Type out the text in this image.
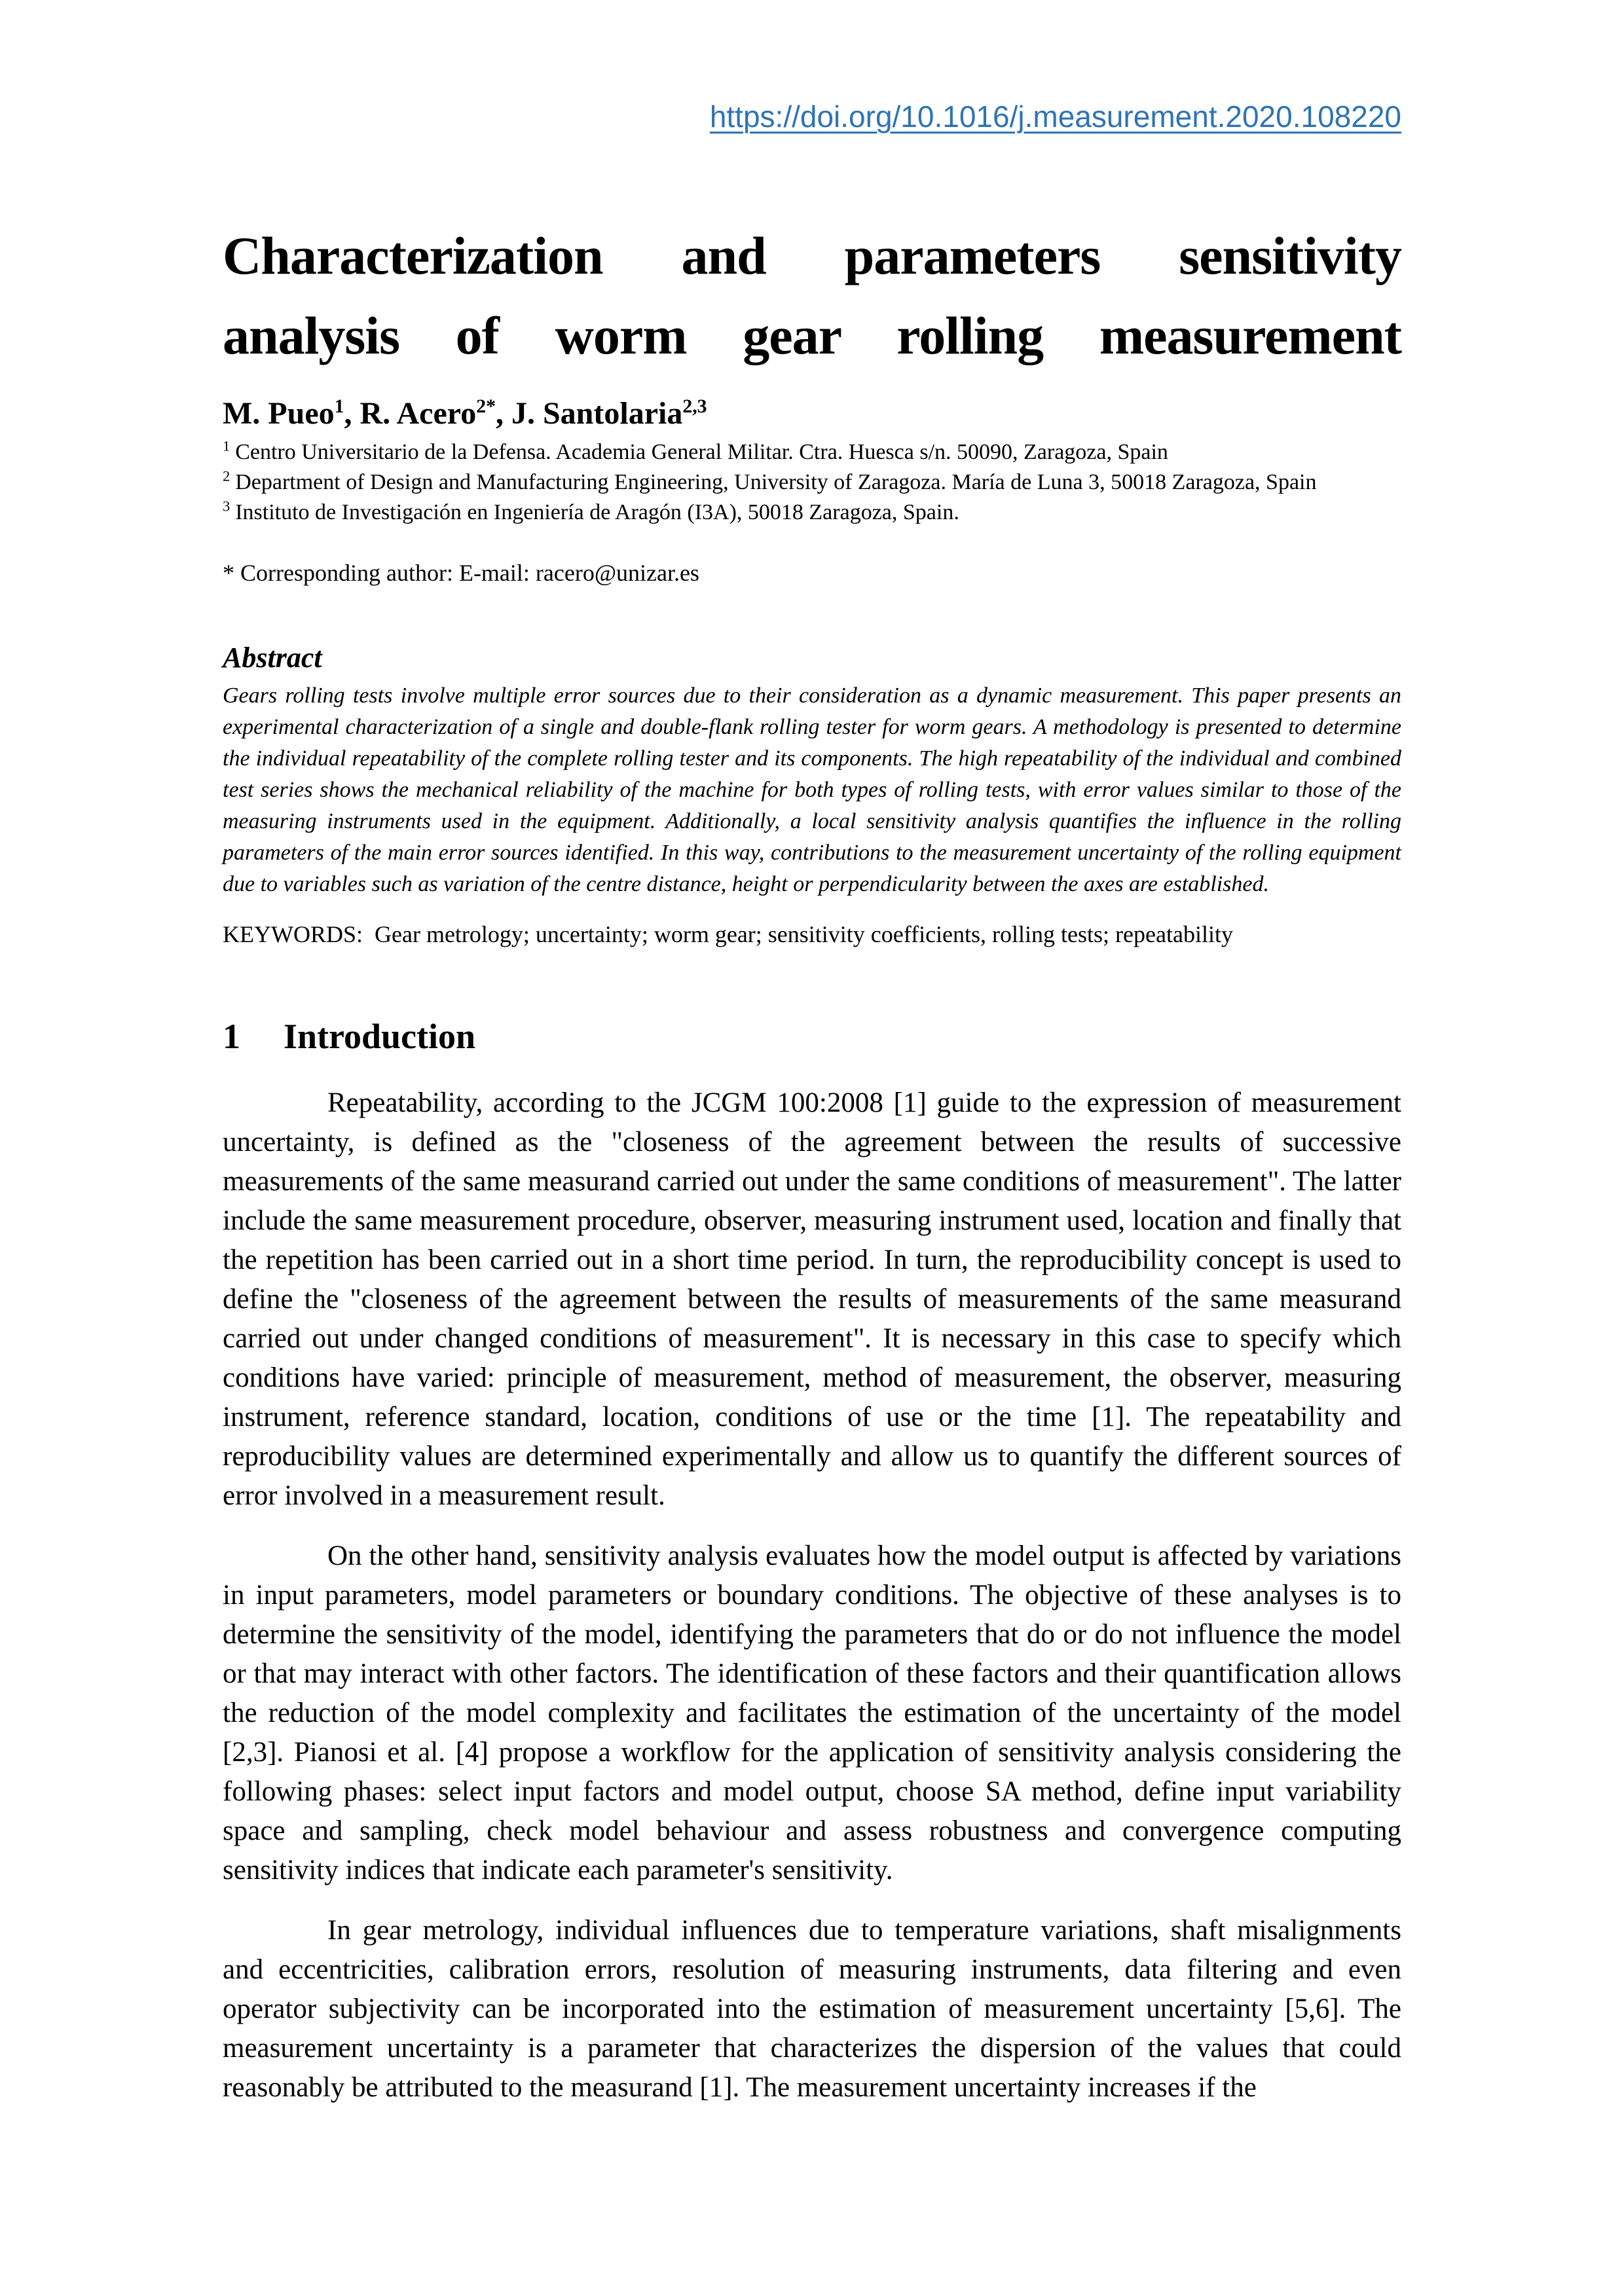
https://doi.org/10.1016/j.measurement.2020.108220
Characterization and parameters sensitivity
analysis of worm gear rolling measurement
M. Pueo$^1$, R. Acero$^{2*}$, J. Santolaria$^{2,3}$
$^1$ Centro Universitario de la Defensa. Academia General Militar. Ctra. Huesca s/n. 50090, Zaragoza, Spain
$^2$ Department of Design and Manufacturing Engineering, University of Zaragoza. María de Luna 3, 50018 Zaragoza, Spain
$^3$ Instituto de Investigación en Ingeniería de Aragón (I3A), 50018 Zaragoza, Spain.
* Corresponding author: E-mail: racero@unizar.es
Abstract
Gears rolling tests involve multiple error sources due to their consideration as a dynamic measurement. This paper presents an experimental characterization of a single and double-flank rolling tester for worm gears. A methodology is presented to determine the individual repeatability of the complete rolling tester and its components. The high repeatability of the individual and combined test series shows the mechanical reliability of the machine for both types of rolling tests, with error values similar to those of the measuring instruments used in the equipment. Additionally, a local sensitivity analysis quantifies the influence in the rolling parameters of the main error sources identified. In this way, contributions to the measurement uncertainty of the rolling equipment due to variables such as variation of the centre distance, height or perpendicularity between the axes are established.
KEYWORDS: Gear metrology; uncertainty; worm gear; sensitivity coefficients, rolling tests; repeatability
1 Introduction

Repeatability, according to the JCGM 100:2008 [1] guide to the expression of measurement uncertainty, is defined as the "closeness of the agreement between the results of successive measurements of the same measurand carried out under the same conditions of measurement". The latter include the same measurement procedure, observer, measuring instrument used, location and finally that the repetition has been carried out in a short time period. In turn, the reproducibility concept is used to define the "closeness of the agreement between the results of measurements of the same measurand carried out under changed conditions of measurement". It is necessary in this case to specify which conditions have varied: principle of measurement, method of measurement, the observer, measuring instrument, reference standard, location, conditions of use or the time [1]. The repeatability and reproducibility values are determined experimentally and allow us to quantify the different sources of error involved in a measurement result.

On the other hand, sensitivity analysis evaluates how the model output is affected by variations in input parameters, model parameters or boundary conditions. The objective of these analyses is to determine the sensitivity of the model, identifying the parameters that do or do not influence the model or that may interact with other factors. The identification of these factors and their quantification allows the reduction of the model complexity and facilitates the estimation of the uncertainty of the model [2,3]. Pianosi et al. [4] propose a workflow for the application of sensitivity analysis considering the following phases: select input factors and model output, choose SA method, define input variability space and sampling, check model behaviour and assess robustness and convergence computing sensitivity indices that indicate each parameter's sensitivity.

In gear metrology, individual influences due to temperature variations, shaft misalignments and eccentricities, calibration errors, resolution of measuring instruments, data filtering and even operator subjectivity can be incorporated into the estimation of measurement uncertainty [5,6]. The measurement uncertainty is a parameter that characterizes the dispersion of the values that could reasonably be attributed to the measurand [1]. The measurement uncertainty increases if the
